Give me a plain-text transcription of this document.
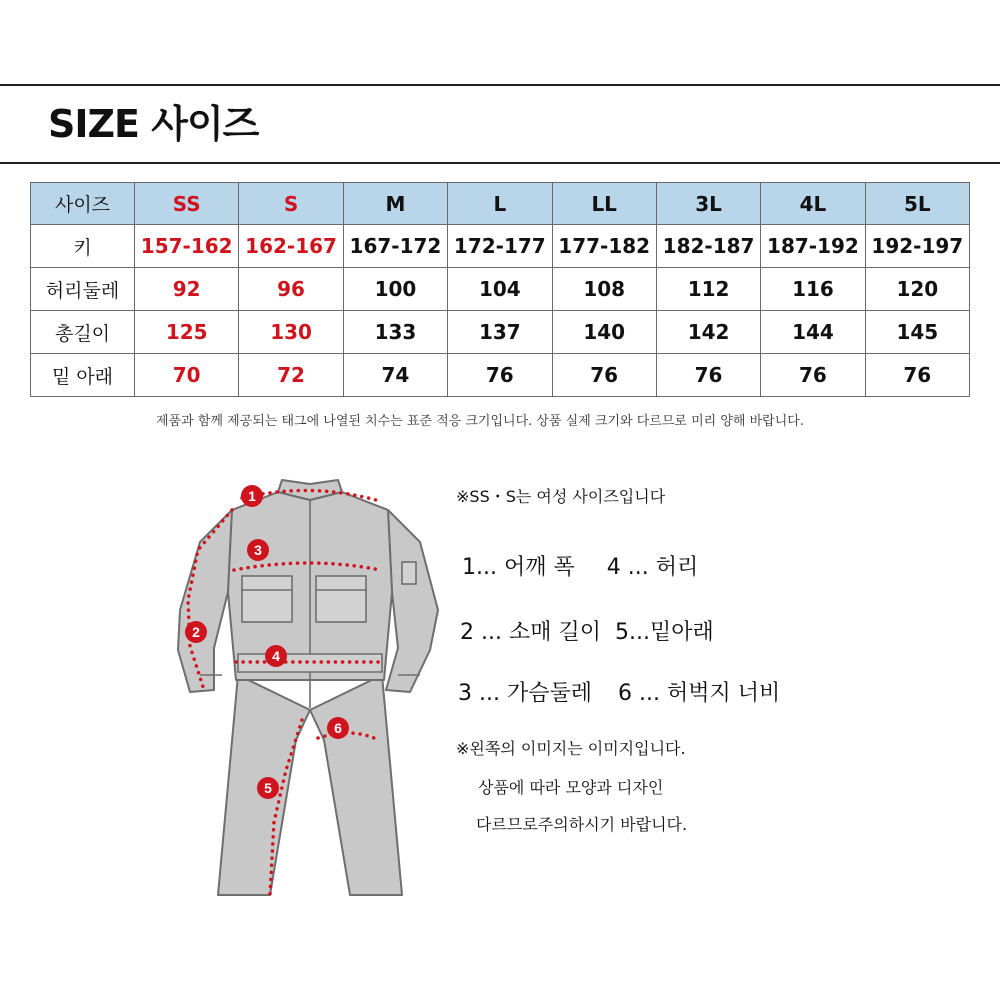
SIZE 사이즈
사이즈	SS	S	M	L	LL	3L	4L	5L
키	157-162	162-167	167-172	172-177	177-182	182-187	187-192	192-197
허리둘레	92	96	100	104	108	112	116	120
총길이	125	130	133	137	140	142	144	145
밑 아래	70	72	74	76	76	76	76	76
제품과 함께 제공되는 태그에 나열된 치수는 표준 적응 크기입니다. 상품 실제 크기와 다르므로 미리 양해 바랍니다.
1
2
3
4
5
6
※SS・S는 여성 사이즈입니다
1... 어깨 폭 4 ... 허리
2 ... 소매 길이 5...밑아래
3 ... 가슴둘레 6 ... 허벅지 너비
※왼쪽의 이미지는 이미지입니다.
상품에 따라 모양과 디자인
다르므로주의하시기 바랍니다.
